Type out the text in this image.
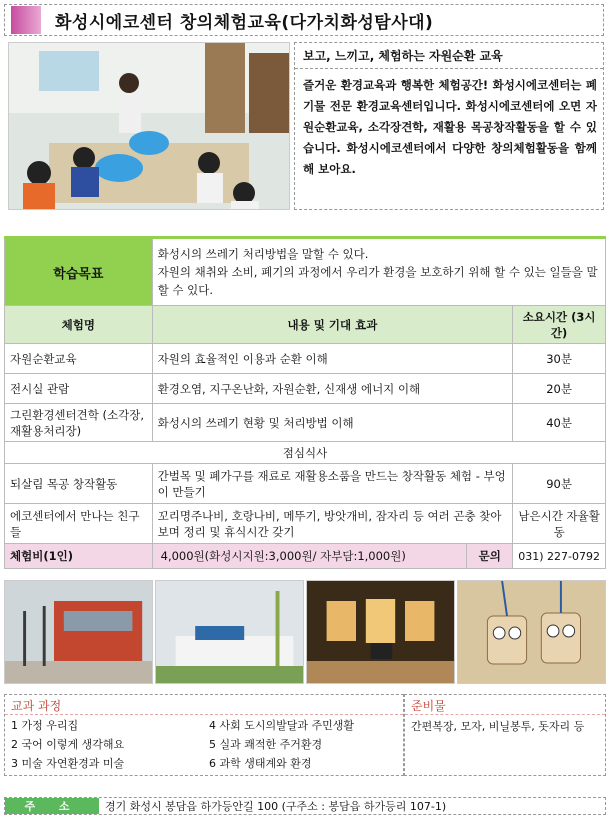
화성시에코센터 창의체험교육(다가치화성탐사대)
보고, 느끼고, 체험하는 자원순환 교육
즐거운 환경교육과 행복한 체험공간! 화성시에코센터는 폐기물 전문 환경교육센터입니다. 화성시에코센터에 오면 자원순환교육, 소각장견학, 재활용 목공창작활동을 할 수 있습니다. 화성시에코센터에서 다양한 창의체험활동을 함께 해 보아요.
학습목표	화성시의 쓰레기 처리방법을 말할 수 있다.
자원의 채취와 소비, 폐기의 과정에서 우리가 환경을 보호하기 위해 할 수 있는 일들을 말할 수 있다.	

체험명	내용 및 기대 효과	소요시간 (3시간)
자원순환교육	자원의 효율적인 이용과 순환 이해	30분
전시실 관람	환경오염, 지구온난화, 자원순환, 신재생 에너지 이해	20분
그린환경센터견학 (소각장,재활용처리장)	화성시의 쓰레기 현황 및 처리방법 이해	40분
점심식사		
되살림 목공 창작활동	간벌목 및 폐가구를 재료로 재활용소품을 만드는 창작활동 체험 - 부엉이 만들기	90분
에코센터에서 만나는 친구들	꼬리명주나비, 호랑나비, 메뚜기, 방앗개비, 잠자리 등 여러 곤충 찾아보며 정리 및 휴식시간 갖기	남은시간 자율활동
체험비(1인)	4,000원(화성시지원:3,000원/ 자부담:1,000원) 문의	031) 227-0792
교과 과정
1 가정 우리집	4 사회 도시의발달과 주민생활
2 국어 이렇게 생각해요	5 실과 쾌적한 주거환경
3 미술 자연환경과 미술	6 과학 생태계와 환경
준비물
간편복장, 모자, 비닐봉투, 돗자리 등
주 소	경기 화성시 봉담읍 하가등안길 100 (구주소 : 봉담읍 하가등리 107-1)
